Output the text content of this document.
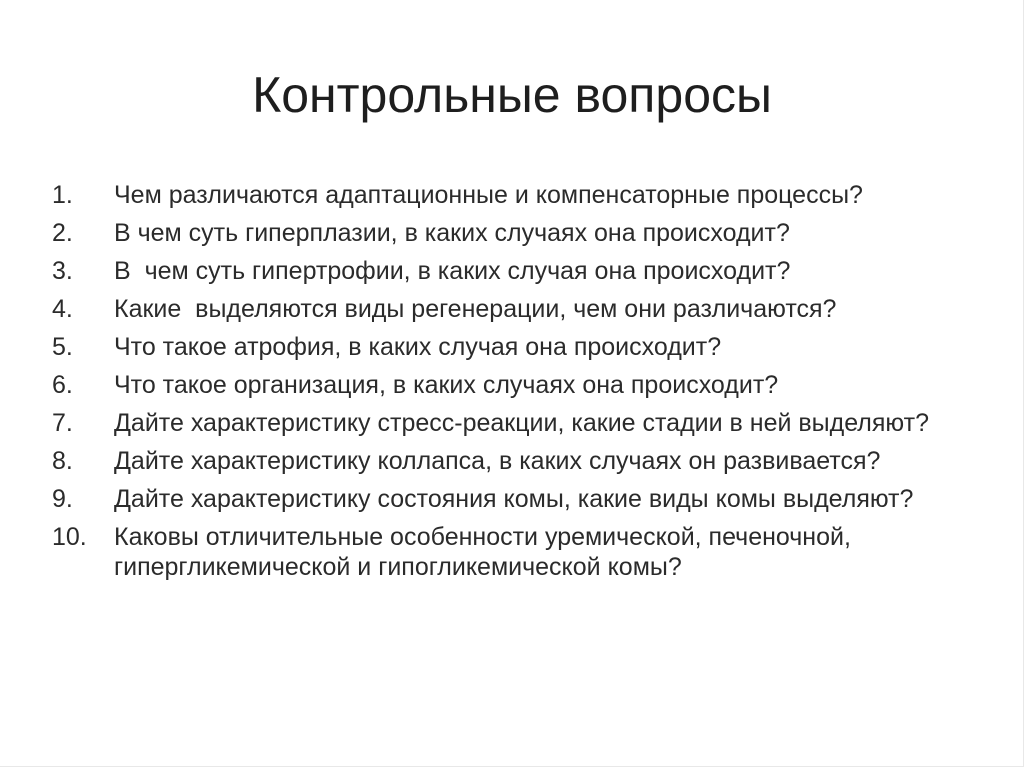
Контрольные вопросы
1.	Чем различаются адаптационные и компенсаторные процессы?
2.	В чем суть гиперплазии, в каких случаях она происходит?
3.	В  чем суть гипертрофии, в каких случая она происходит?
4.	Какие  выделяются виды регенерации, чем они различаются?
5.	Что такое атрофия, в каких случая она происходит?
6.	Что такое организация, в каких случаях она происходит?
7.	Дайте характеристику стресс-реакции, какие стадии в ней выделяют?
8.	Дайте характеристику коллапса, в каких случаях он развивается?
9.	Дайте характеристику состояния комы, какие виды комы выделяют?
10.	Каковы отличительные особенности уремической, печеночной, гипергликемической и гипогликемической комы?
